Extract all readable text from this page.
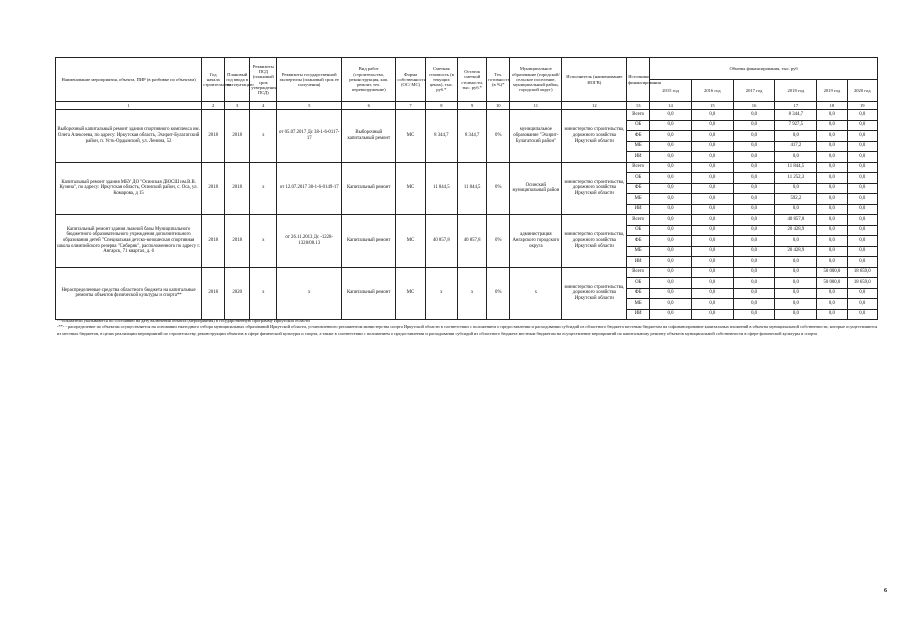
Наименование мероприятия, объекта, ПИР (в разбивке по объектам)	Год начала строительства	Плановый год ввода в эксплуатацию	Реквизиты ПСД (плановый срок утверждения ПСД)	Реквизиты государственной экспертизы (плановый срок ее получения)	Вид работ (строительство, реконструкция, кап. ремонт, тех. перевооружение)	Форма собственности (ОС/ МС)	Сметная стоимость (в текущих ценах), тыс. руб.*	Остаток сметной стоимости, тыс. руб.*	Тех. готовность (в %)*	Муниципальное образование (городской/сельское поселение, муниципальный район, городской округ)	Исполнитель (наименование ИОГВ)	Источники финансирования	Объемы финансирования, тыс. руб					
													2015 год	2016 год	2017 год	2018 год	2019 год	2020 год
1	2	3	4	5	6	7	8	9	10	11	12	13	14	15	16	17	18	19
Выборочный капитальный ремонт здания спортивного комплекса им. Олега Алексеева, по адресу: Иркутская область, Эхирит-Булагатский район, п. Усть-Ордынский, ул. Ленина, 52	2018	2018	х	от 05.07.2017 Дс 38-1-6-0117-17	Выборочный капитальный ремонт	МС	8 344,7	8 344,7	0%	муниципальное образование "Эхирит-Булагатский район"	министерство строительства, дорожного хозяйства Иркутской области	Всего	0,0	0,0	0,0	8 344,7	0,0	0,0
												ОБ	0,0	0,0	0,0	7 927,5	0,0	0,0
												ФБ	0,0	0,0	0,0	0,0	0,0	0,0
												МБ	0,0	0,0	0,0	417,2	0,0	0,0
												ИИ	0,0	0,0	0,0	0,0	0,0	0,0
Капитальный ремонт здания МБУ ДО "Осинская ДЮСШ им.В.В. Кузина", по адресу: Иркутская область, Осинский район, с. Оса, ул. Комарова, д 15	2018	2018	х	от 12.07.2017 38-1-6-0149-17	Капитальный ремонт	МС	11 844,5	11 844,5	0%	Осинский муниципальный район	министерство строительства, дорожного хозяйства Иркутской области	Всего	0,0	0,0	0,0	11 844,5	0,0	0,0
												ОБ	0,0	0,0	0,0	11 252,3	0,0	0,0
												ФБ	0,0	0,0	0,0	0,0	0,0	0,0
												МБ	0,0	0,0	0,0	592,2	0,0	0,0
												ИИ	0,0	0,0	0,0	0,0	0,0	0,0
Капитальный ремонт здания лыжной базы Муниципального бюджетного образовательного учреждения дополнительного образования детей "Специальная детско-юношеская спортивная школа олимпийского резерва "Сибиряк", расположенного по адресу г. Ангарск, 71 квартал, д. 6	2018	2018	х	от 26.11.2013 Дс -1228-1328/08.13	Капитальный ремонт	МС	40 857,8	40 857,8	0%	администрация Ангарского городского округа	министерство строительства, дорожного хозяйства Иркутской области	Всего	0,0	0,0	0,0	40 857,8	0,0	0,0
												ОБ	0,0	0,0	0,0	20 428,9	0,0	0,0
												ФБ	0,0	0,0	0,0	0,0	0,0	0,0
												МБ	0,0	0,0	0,0	20 428,9	0,0	0,0
												ИИ	0,0	0,0	0,0	0,0	0,0	0,0
Нераспределенные средства областного бюджета на капитальные ремонты объектов физической культуры и спорта**	2018	2020	х	х	Капитальный ремонт	МС	х	х	0%	х	министерство строительства, дорожного хозяйства Иркутской области	Всего	0,0	0,0	0,0	0,0	50 000,0	18 659,0
												ОБ	0,0	0,0	0,0	0,0	50 000,0	18 659,0
												ФБ	0,0	0,0	0,0	0,0	0,0	0,0
												МБ	0,0	0,0	0,0	0,0	0,0	0,0
												ИИ	0,0	0,0	0,0	0,0	0,0	0,0

-*-показатели указываются по состоянию на дату включения объекта (мероприятия) в государственную программу Иркутской области

-**- - распределение по объектам осуществляется на основании ежегодного отбора муниципальных образований Иркутской области, установленного регламентом министерства спорта Иркутской области в соответствии с положением о предоставлении и расходовании субсидий из областного бюджета местным бюджетам на софинансирование капитальных вложений в объекты муниципальной собственности, которые осуществляются из местных бюджетов, в целях реализации мероприятий по строительству, реконструкции объектов в сфере физической культуры и спорта, а также в соответствии с положением о предоставлении и расходовании субсидий из областного бюджета местным бюджетам на осуществление мероприятий по капитальному ремонту объектов муниципальной собственности в сфере физической культуры и спорта

6
